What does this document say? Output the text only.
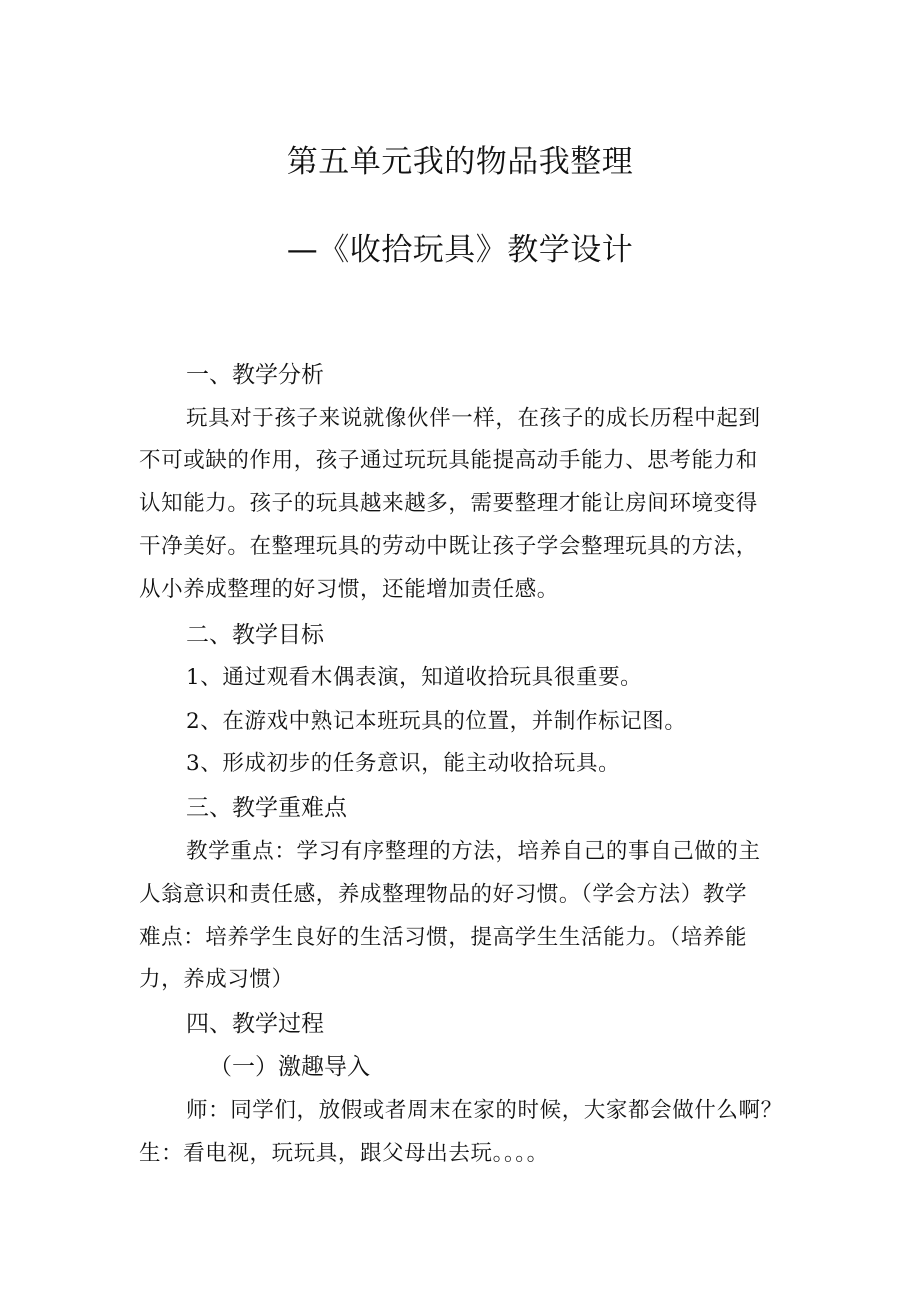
第五单元我的物品我整理
—《收拾玩具》教学设计
一、教学分析
玩具对于孩子来说就像伙伴一样，在孩子的成长历程中起到
不可或缺的作用，孩子通过玩玩具能提高动手能力、思考能力和
认知能力。孩子的玩具越来越多，需要整理才能让房间环境变得
干净美好。在整理玩具的劳动中既让孩子学会整理玩具的方法，
从小养成整理的好习惯，还能增加责任感。
二、教学目标
1、通过观看木偶表演，知道收拾玩具很重要。
2、在游戏中熟记本班玩具的位置，并制作标记图。
3、形成初步的任务意识，能主动收拾玩具。
三、教学重难点
教学重点：学习有序整理的方法，培养自己的事自己做的主
人翁意识和责任感，养成整理物品的好习惯。（学会方法）教学
难点：培养学生良好的生活习惯，提高学生生活能力。（培养能
力，养成习惯）
四、教学过程
（一）激趣导入
师：同学们，放假或者周末在家的时候，大家都会做什么啊？
生：看电视，玩玩具，跟父母出去玩。。。。
